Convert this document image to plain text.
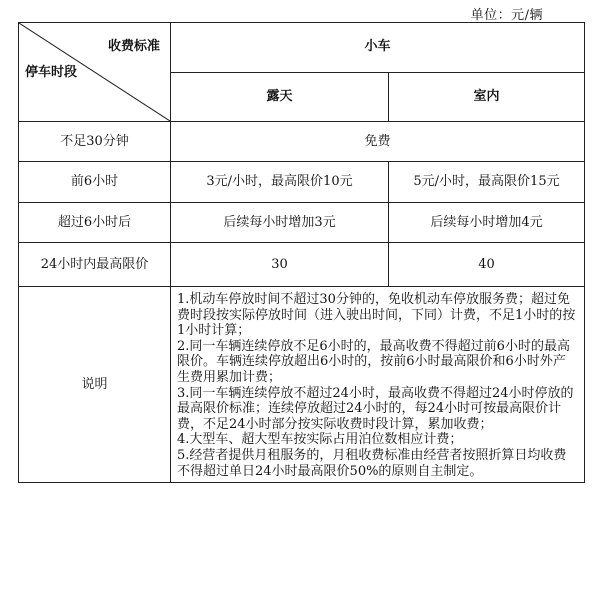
单位：元/辆
收费标准
停车时段	小车	
	露天	室内
不足30分钟	免费	
前6小时	3元/小时，最高限价10元	5元/小时，最高限价15元
超过6小时后	后续每小时增加3元	后续每小时增加4元
24小时内最高限价	30	40
说明	1.机动车停放时间不超过30分钟的，免收机动车停放服务费；超过免费时段按实际停放时间（进入驶出时间，下同）计费，不足1小时的按1小时计算；

2.同一车辆连续停放不足6小时的，最高收费不得超过前6小时的最高限价。车辆连续停放超出6小时的，按前6小时最高限价和6小时外产生费用累加计费；

3.同一车辆连续停放不超过24小时，最高收费不得超过24小时停放的最高限价标准；连续停放超过24小时的，每24小时可按最高限价计费，不足24小时部分按实际收费时段计算，累加收费；

4.大型车、超大型车按实际占用泊位数相应计费；

5.经营者提供月租服务的，月租收费标准由经营者按照折算日均收费不得超过单日24小时最高限价50%的原则自主制定。	
